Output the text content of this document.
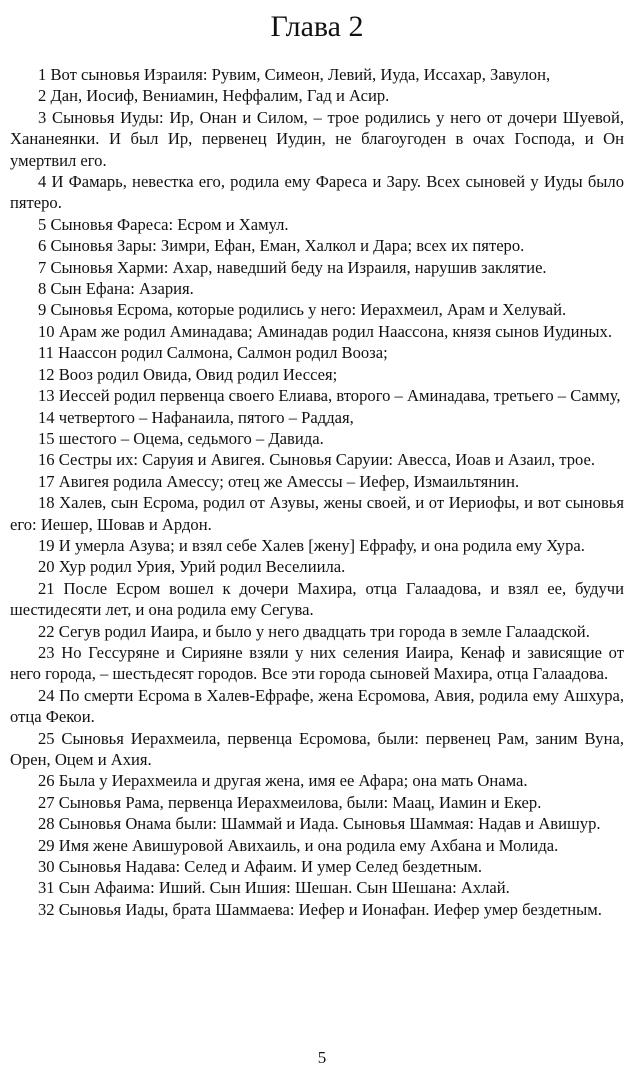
Глава 2

1 Вот сыновья Израиля: Рувим, Симеон, Левий, Иуда, Иссахар, Завулон,

2 Дан, Иосиф, Вениамин, Неффалим, Гад и Асир.

3 Сыновья Иуды: Ир, Онан и Силом, – трое родились у него от дочери Шуевой, Хананеянки. И был Ир, первенец Иудин, не благоугоден в очах Господа, и Он умертвил его.

4 И Фамарь, невестка его, родила ему Фареса и Зару. Всех сыновей у Иуды было пятеро.

5 Сыновья Фареса: Есром и Хамул.

6 Сыновья Зары: Зимри, Ефан, Еман, Халкол и Дара; всех их пятеро.

7 Сыновья Харми: Ахар, наведший беду на Израиля, нарушив заклятие.

8 Сын Ефана: Азария.

9 Сыновья Есрома, которые родились у него: Иерахмеил, Арам и Хелувай.

10 Арам же родил Аминадава; Аминадав родил Наассона, князя сынов Иудиных.

11 Наассон родил Салмона, Салмон родил Вооза;

12 Вооз родил Овида, Овид родил Иессея;

13 Иессей родил первенца своего Елиава, второго – Аминадава, третьего – Самму,

14 четвертого – Нафанаила, пятого – Раддая,

15 шестого – Оцема, седьмого – Давида.

16 Сестры их: Саруия и Авигея. Сыновья Саруии: Авесса, Иоав и Азаил, трое.

17 Авигея родила Амессу; отец же Амессы – Иефер, Измаильтянин.

18 Халев, сын Есрома, родил от Азувы, жены своей, и от Иериофы, и вот сыновья его: Иешер, Шовав и Ардон.

19 И умерла Азува; и взял себе Халев [жену] Ефрафу, и она родила ему Хура.

20 Хур родил Урия, Урий родил Веселиила.

21 После Есром вошел к дочери Махира, отца Галаадова, и взял ее, будучи шестидесяти лет, и она родила ему Сегува.

22 Сегув родил Иаира, и было у него двадцать три города в земле Галаадской.

23 Но Гессуряне и Сирияне взяли у них селения Иаира, Кенаф и зависящие от него города, – шестьдесят городов. Все эти города сыновей Махира, отца Галаадова.

24 По смерти Есрома в Халев-Ефрафе, жена Есромова, Авия, родила ему Ашхура, отца Фекои.

25 Сыновья Иерахмеила, первенца Есромова, были: первенец Рам, заним Вуна, Орен, Оцем и Ахия.

26 Была у Иерахмеила и другая жена, имя ее Афара; она мать Онама.

27 Сыновья Рама, первенца Иерахмеилова, были: Маац, Иамин и Екер.

28 Сыновья Онама были: Шаммай и Иада. Сыновья Шаммая: Надав и Авишур.

29 Имя жене Авишуровой Авихаиль, и она родила ему Ахбана и Молида.

30 Сыновья Надава: Селед и Афаим. И умер Селед бездетным.

31 Сын Афаима: Иший. Сын Ишия: Шешан. Сын Шешана: Ахлай.

32 Сыновья Иады, брата Шаммаева: Иефер и Ионафан. Иефер умер бездетным.

5
